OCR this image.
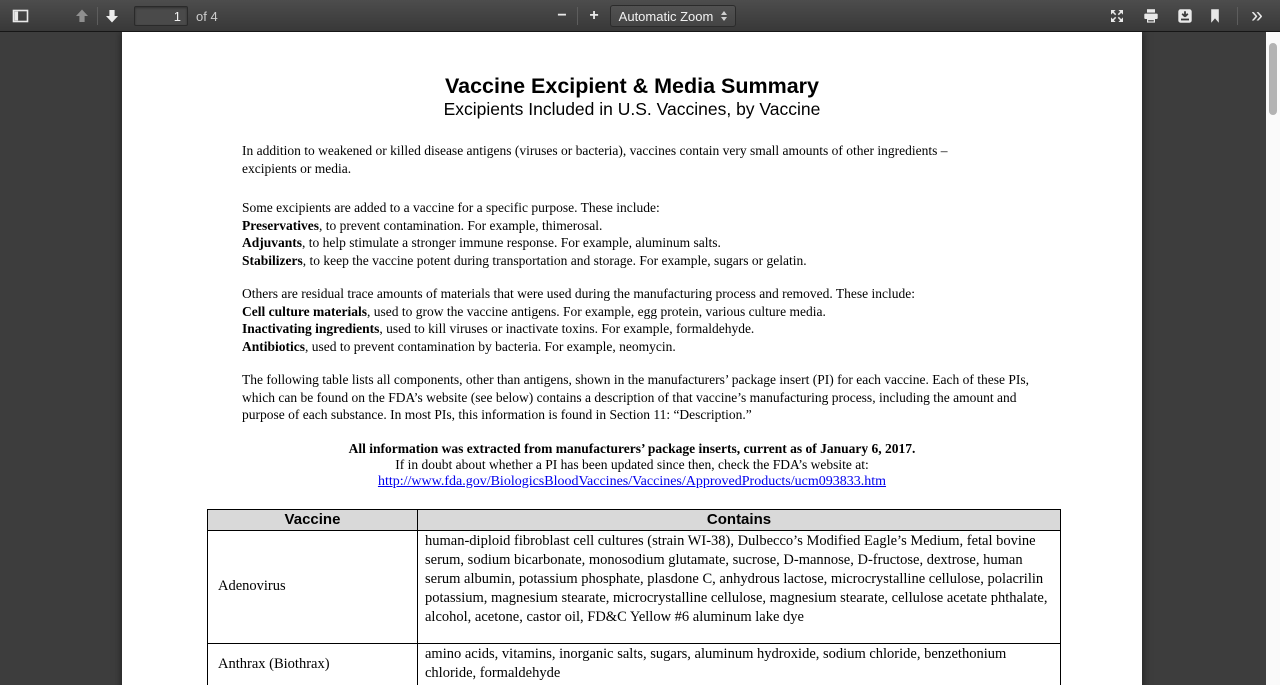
1
of 4	−	+	Automatic Zoom	»
Vaccine Excipient & Media Summary
Excipients Included in U.S. Vaccines, by Vaccine

In addition to weakened or killed disease antigens (viruses or bacteria), vaccines contain very small amounts of other ingredients – excipients or media.

Some excipients are added to a vaccine for a specific purpose. These include:

Preservatives, to prevent contamination. For example, thimerosal.

Adjuvants, to help stimulate a stronger immune response. For example, aluminum salts.

Stabilizers, to keep the vaccine potent during transportation and storage. For example, sugars or gelatin.

Others are residual trace amounts of materials that were used during the manufacturing process and removed. These include:

Cell culture materials, used to grow the vaccine antigens. For example, egg protein, various culture media.

Inactivating ingredients, used to kill viruses or inactivate toxins. For example, formaldehyde.

Antibiotics, used to prevent contamination by bacteria. For example, neomycin.

The following table lists all components, other than antigens, shown in the manufacturers’ package insert (PI) for each vaccine. Each of these PIs, which can be found on the FDA’s website (see below) contains a description of that vaccine’s manufacturing process, including the amount and purpose of each substance. In most PIs, this information is found in Section 11: “Description.”

All information was extracted from manufacturers’ package inserts, current as of January 6, 2017.

If in doubt about whether a PI has been updated since then, check the FDA’s website at:

http://www.fda.gov/BiologicsBloodVaccines/Vaccines/ApprovedProducts/ucm093833.htm
Vaccine	Contains
Adenovirus	human-diploid fibroblast cell cultures (strain WI-38), Dulbecco’s Modified Eagle’s Medium, fetal bovine serum, sodium bicarbonate, monosodium glutamate, sucrose, D-mannose, D-fructose, dextrose, human serum albumin, potassium phosphate, plasdone C, anhydrous lactose, microcrystalline cellulose, polacrilin potassium, magnesium stearate, microcrystalline cellulose, magnesium stearate, cellulose acetate phthalate, alcohol, acetone, castor oil, FD&C Yellow #6 aluminum lake dye
Anthrax (Biothrax)	amino acids, vitamins, inorganic salts, sugars, aluminum hydroxide, sodium chloride, benzethonium chloride, formaldehyde
